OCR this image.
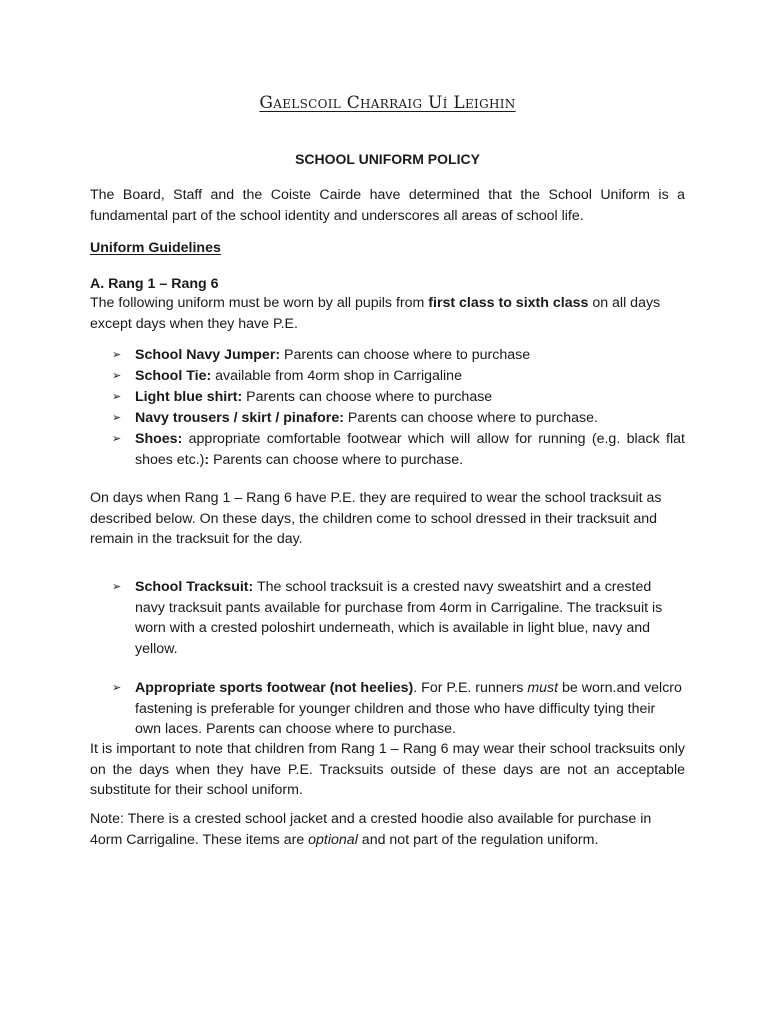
Gaelscoil Charraig Uí Leighin
SCHOOL UNIFORM POLICY

The Board, Staff and the Coiste Cairde have determined that the School Uniform is a fundamental part of the school identity and underscores all areas of school life.

Uniform Guidelines
A. Rang 1 – Rang 6

The following uniform must be worn by all pupils from first class to sixth class on all days except days when they have P.E.

➢ School Navy Jumper: Parents can choose where to purchase
➢ School Tie: available from 4orm shop in Carrigaline
➢ Light blue shirt: Parents can choose where to purchase
➢ Navy trousers / skirt / pinafore: Parents can choose where to purchase.
➢ Shoes: appropriate comfortable footwear which will allow for running (e.g. black flat shoes etc.): Parents can choose where to purchase.

On days when Rang 1 – Rang 6 have P.E. they are required to wear the school tracksuit as described below. On these days, the children come to school dressed in their tracksuit and remain in the tracksuit for the day.

➢ School Tracksuit: The school tracksuit is a crested navy sweatshirt and a crested navy tracksuit pants available for purchase from 4orm in Carrigaline. The tracksuit is worn with a crested poloshirt underneath, which is available in light blue, navy and yellow.
➢ Appropriate sports footwear (not heelies). For P.E. runners must be worn.and velcro fastening is preferable for younger children and those who have difficulty tying their own laces. Parents can choose where to purchase.

It is important to note that children from Rang 1 – Rang 6 may wear their school tracksuits only on the days when they have P.E. Tracksuits outside of these days are not an acceptable substitute for their school uniform.

Note: There is a crested school jacket and a crested hoodie also available for purchase in 4orm Carrigaline. These items are optional and not part of the regulation uniform.
